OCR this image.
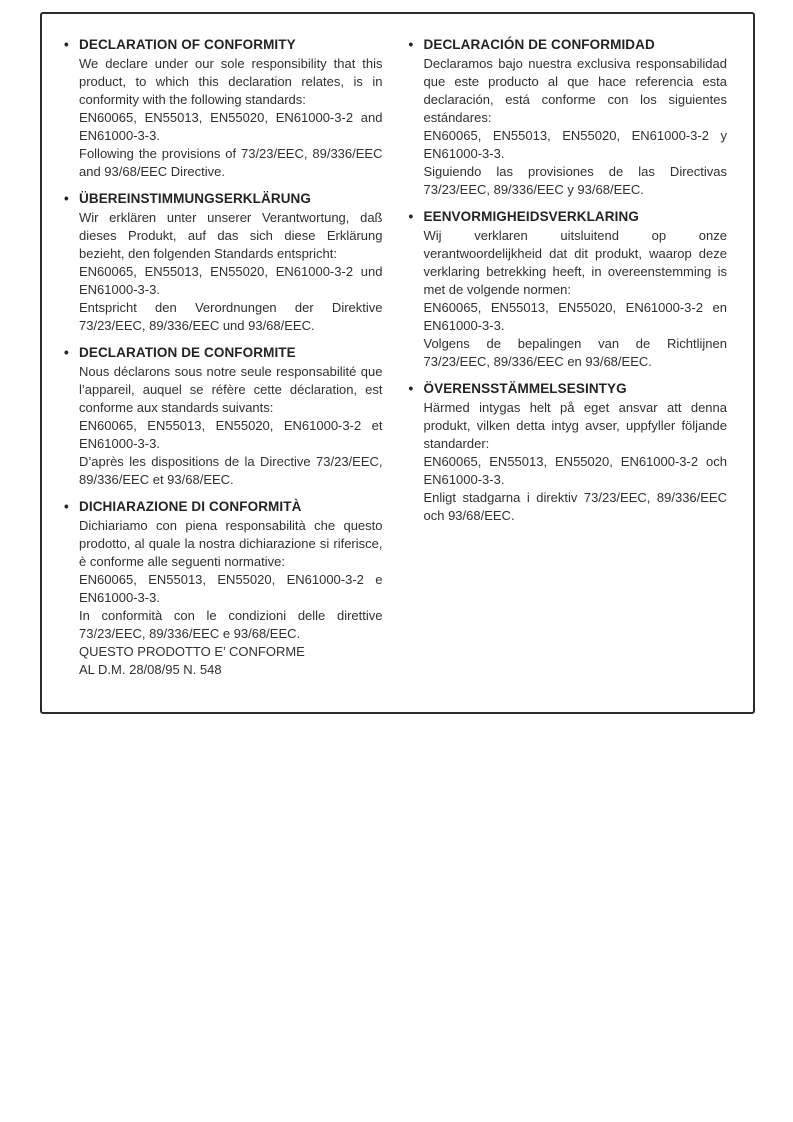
• DECLARATION OF CONFORMITY

We declare under our sole responsibility that this product, to which this declaration relates, is in conformity with the following standards:

EN60065, EN55013, EN55020, EN61000-3-2 and EN61000-3-3.

Following the provisions of 73/23/EEC, 89/336/EEC and 93/68/EEC Directive.

• ÜBEREINSTIMMUNGSERKLÄRUNG

Wir erklären unter unserer Verantwortung, daß dieses Produkt, auf das sich diese Erklärung bezieht, den folgenden Standards entspricht:

EN60065, EN55013, EN55020, EN61000-3-2 und EN61000-3-3.

Entspricht den Verordnungen der Direktive 73/23/EEC, 89/336/EEC und 93/68/EEC.

• DECLARATION DE CONFORMITE

Nous déclarons sous notre seule responsabilité que l’appareil, auquel se réfère cette déclaration, est conforme aux standards suivants:

EN60065, EN55013, EN55020, EN61000-3-2 et EN61000-3-3.

D’après les dispositions de la Directive 73/23/EEC, 89/336/EEC et 93/68/EEC.

• DICHIARAZIONE DI CONFORMITÀ

Dichiariamo con piena responsabilità che questo prodotto, al quale la nostra dichiarazione si riferisce, è conforme alle seguenti normative:

EN60065, EN55013, EN55020, EN61000-3-2 e EN61000-3-3.

In conformità con le condizioni delle direttive 73/23/EEC, 89/336/EEC e 93/68/EEC.

QUESTO PRODOTTO E’ CONFORME

AL D.M. 28/08/95 N. 548

• DECLARACIÓN DE CONFORMIDAD

Declaramos bajo nuestra exclusiva responsabilidad que este producto al que hace referencia esta declaración, está conforme con los siguientes estándares:

EN60065, EN55013, EN55020, EN61000-3-2 y EN61000-3-3.

Siguiendo las provisiones de las Directivas 73/23/EEC, 89/336/EEC y 93/68/EEC.

• EENVORMIGHEIDSVERKLARING

Wij verklaren uitsluitend op onze verantwoordelijkheid dat dit produkt, waarop deze verklaring betrekking heeft, in overeenstemming is met de volgende normen:

EN60065, EN55013, EN55020, EN61000-3-2 en EN61000-3-3.

Volgens de bepalingen van de Richtlijnen 73/23/EEC, 89/336/EEC en 93/68/EEC.

• ÖVERENSSTÄMMELSESINTYG

Härmed intygas helt på eget ansvar att denna produkt, vilken detta intyg avser, uppfyller följande standarder:

EN60065, EN55013, EN55020, EN61000-3-2 och EN61000-3-3.

Enligt stadgarna i direktiv 73/23/EEC, 89/336/EEC och 93/68/EEC.
